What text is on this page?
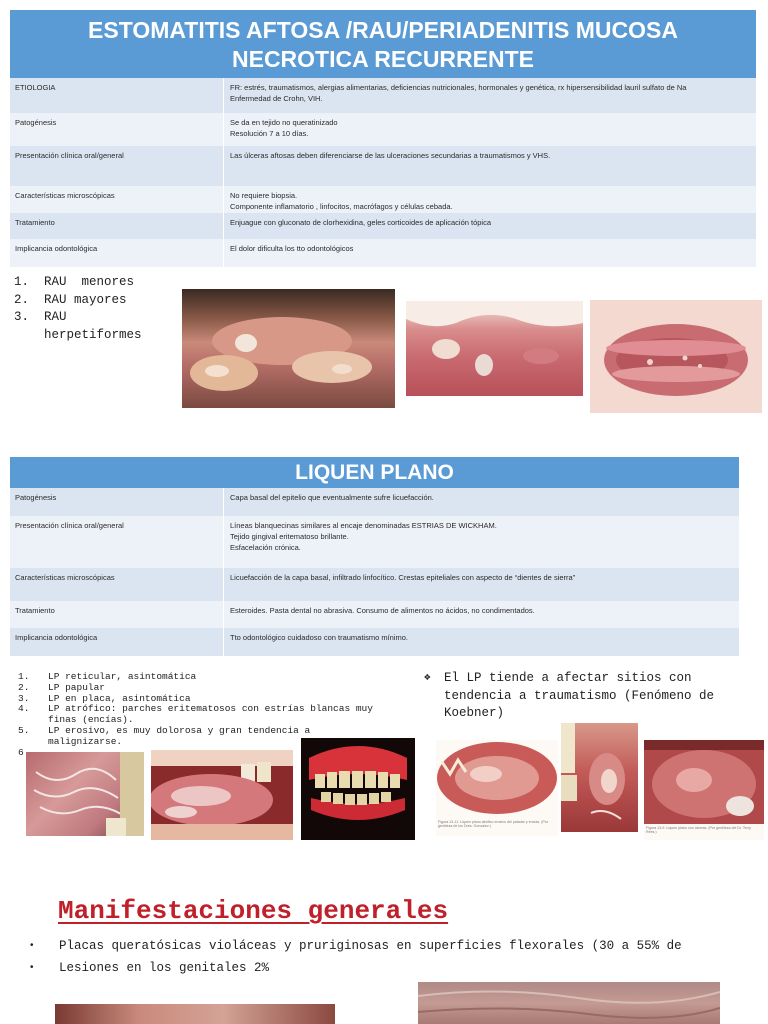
ESTOMATITIS AFTOSA /RAU/PERIADENITIS MUCOSA
NECROTICA RECURRENTE
ETIOLOGIA	FR: estrés, traumatismos, alergias alimentarias, deficiencias nutricionales, hormonales y genética, rx hipersensibilidad lauril sulfato de Na
Enfermedad de Crohn, VIH.
Patogénesis	Se da en tejido no queratinizado
Resolución 7 a 10 días.
Presentación clínica oral/general	Las úlceras aftosas deben diferenciarse de las ulceraciones secundarias a traumatismos y VHS.
Características microscópicas	No requiere biopsia.
Componente inflamatorio , linfocitos, macrófagos y células cebada.
Tratamiento	Enjuague con gluconato de clorhexidina, geles corticoides de aplicación tópica
Implicancia odontológica	El dolor dificulta los tto odontológicos
1.	RAU  menores
2.	RAU mayores
3.	RAU
herpetiformes
LIQUEN PLANO
Patogénesis	Capa basal del epitelio que eventualmente sufre licuefacción.
Presentación clínica oral/general	Líneas blanquecinas similares al encaje denominadas ESTRIAS DE WICKHAM.
Tejido gingival eritematoso brillante.
Esfacelación crónica.
Características microscópicas	Licuefacción de la capa basal, infiltrado linfocítico. Crestas epiteliales con aspecto de “dientes de sierra”
Tratamiento	Esteroides. Pasta dental no abrasiva. Consumo de alimentos no ácidos, no condimentados.
Implicancia odontológica	Tto odontológico cuidadoso con traumatismo mínimo.
1.	LP reticular, asintomática
2.	LP papular
3.	LP en placa, asintomática
4.	LP atrófico: parches eritematosos con estrías blancas muy
finas (encías).
5.	LP erosivo, es muy dolorosa y gran tendencia a
malignizarse.
6
❖	El LP tiende a afectar sitios con tendencia a traumatismo (Fenómeno de Koebner)
Figura 13-11. Liquen plano atrófico erosivo del paladar y encías. (Por gentileza de los Dres. Gonzalez.)	Figura 13-9. Liquen plano con úlceras. (Por gentileza del Dr. Terry Rees.)
Manifestaciones generales
•	Placas queratósicas violáceas y pruriginosas en superficies flexorales (30 a 55% de
•	Lesiones en los genitales 2%
